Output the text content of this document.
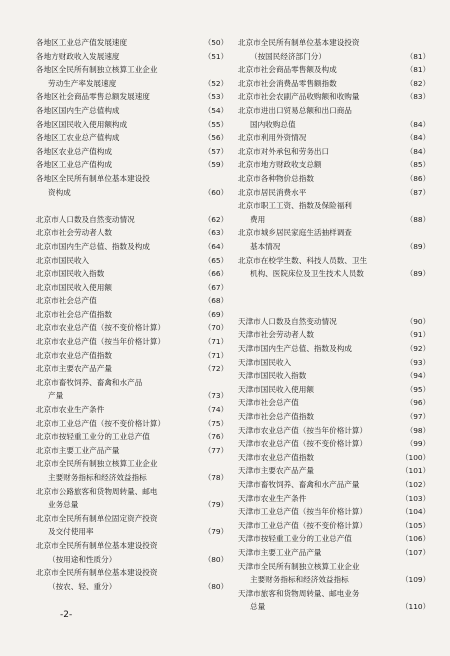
各地区工业总产值发展速度	（50）
各地方财政收入发展速度	（51）
各地区全民所有制独立核算工业企业
劳动生产率发展速度	（52）
各地区社会商品零售总额发展速度	（53）
各地区国内生产总值构成	（54）
各地区国民收入使用额构成	（55）
各地区工农业总产值构成	（56）
各地区农业总产值构成	（57）
各地区工业总产值构成	（59）
各地区全民所有制单位基本建设投
资构成	（60）
北京市人口数及自然变动情况	（62）
北京市社会劳动者人数	（63）
北京市国内生产总值、指数及构成	（64）
北京市国民收入	（65）
北京市国民收入指数	（66）
北京市国民收入使用额	（67）
北京市社会总产值	（68）
北京市社会总产值指数	（69）
北京市农业总产值（按不变价格计算）	（70）
北京市农业总产值（按当年价格计算）	（71）
北京市农业总产值指数	（71）
北京市主要农产品产量	（72）
北京市畜牧饲养、畜禽和水产品
产量	（73）
北京市农业生产条件	（74）
北京市工业总产值（按不变价格计算）	（75）
北京市按轻重工业分的工业总产值	（76）
北京市主要工业产品产量	（77）
北京市全民所有制独立核算工业企业
主要财务指标和经济效益指标	（78）
北京市公路旅客和货物周转量、邮电
业务总量	（79）
北京市全民所有制单位固定资产投资
及交付使用率	（79）
北京市全民所有制单位基本建设投资
（按用途和性质分）	（80）
北京市全民所有制单位基本建设投资
（按农、轻、重分）	（80）
北京市全民所有制单位基本建设投资
（按国民经济部门分）	（81）
北京市社会商品零售额及构成	（81）
北京市社会消费品零售额指数	（82）
北京市社会农副产品收购额和收购量	（83）
北京市进出口贸易总额和出口商品
国内收购总值	（84）
北京市利用外资情况	（84）
北京市对外承包和劳务出口	（84）
北京市地方财政收支总额	（85）
北京市各种物价总指数	（86）
北京市居民消费水平	（87）
北京市职工工资、指数及保险福利
费用	（88）
北京市城乡居民家庭生活抽样调查
基本情况	（89）
北京市在校学生数、科技人员数、卫生
机构、医院床位及卫生技术人员数	（89）
天津市人口数及自然变动情况	（90）
天津市社会劳动者人数	（91）
天津市国内生产总值、指数及构成	（92）
天津市国民收入	（93）
天津市国民收入指数	（94）
天津市国民收入使用额	（95）
天津市社会总产值	（96）
天津市社会总产值指数	（97）
天津市农业总产值（按当年价格计算）	（98）
天津市农业总产值（按不变价格计算）	（99）
天津市农业总产值指数	（100）
天津市主要农产品产量	（101）
天津市畜牧饲养、畜禽和水产品产量	（102）
天津市农业生产条件	（103）
天津市工业总产值（按当年价格计算）	（104）
天津市工业总产值（按不变价格计算）	（105）
天津市按轻重工业分的工业总产值	（106）
天津市主要工业产品产量	（107）
天津市全民所有制独立核算工业企业
主要财务指标和经济效益指标	（109）
天津市旅客和货物周转量、邮电业务
总量	（110）
-2-
